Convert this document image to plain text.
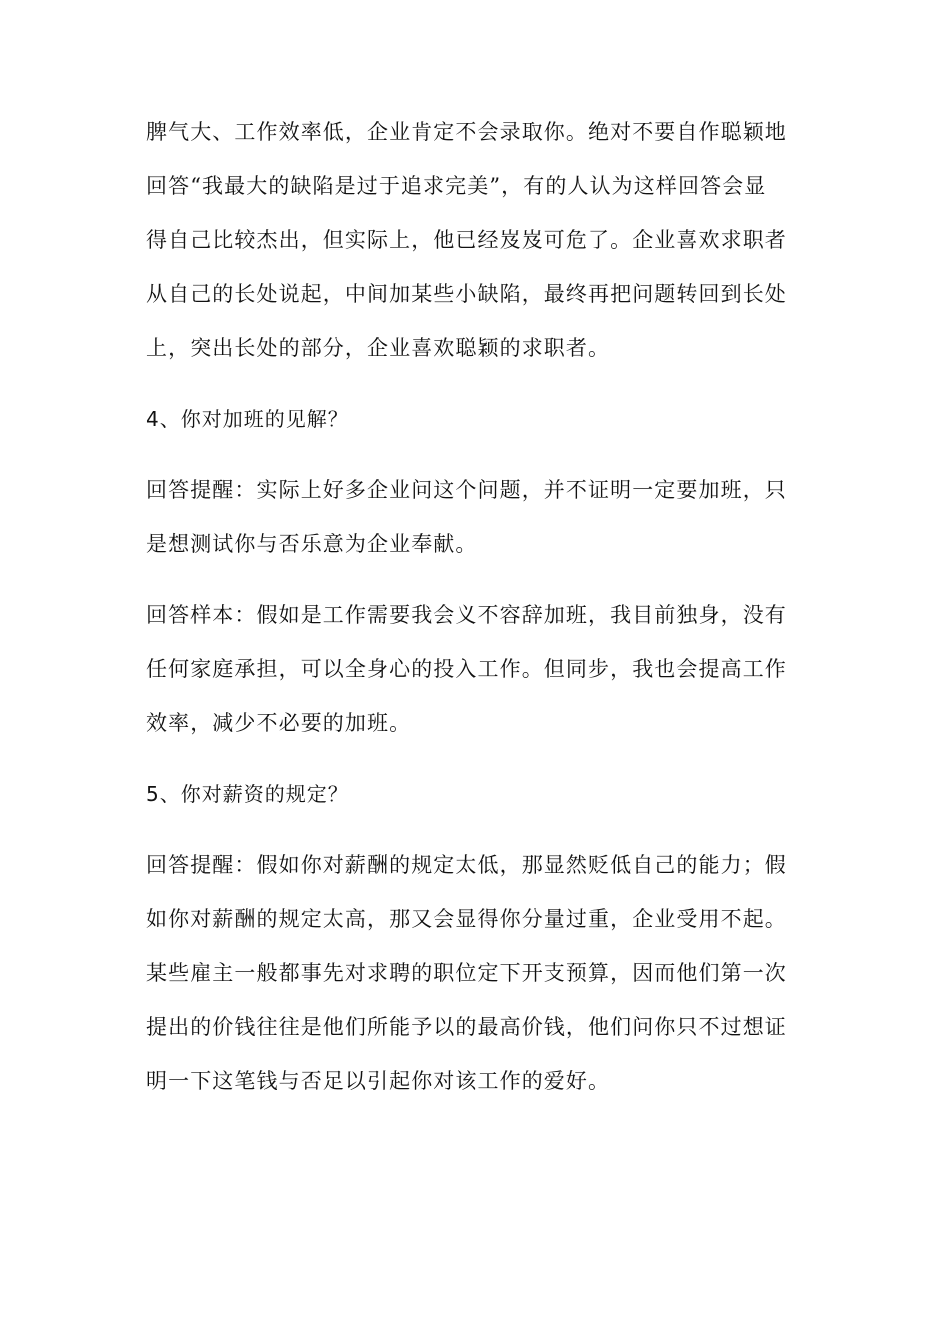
脾气大、工作效率低，企业肯定不会录取你。绝对不要自作聪颖地
回答“我最大的缺陷是过于追求完美”，有的人认为这样回答会显
得自己比较杰出，但实际上，他已经岌岌可危了。企业喜欢求职者
从自己的长处说起，中间加某些小缺陷，最终再把问题转回到长处
上，突出长处的部分，企业喜欢聪颖的求职者。

4、你对加班的见解？

回答提醒：实际上好多企业问这个问题，并不证明一定要加班，只
是想测试你与否乐意为企业奉献。

回答样本：假如是工作需要我会义不容辞加班，我目前独身，没有
任何家庭承担，可以全身心的投入工作。但同步，我也会提高工作
效率，减少不必要的加班。

5、你对薪资的规定？

回答提醒：假如你对薪酬的规定太低，那显然贬低自己的能力；假
如你对薪酬的规定太高，那又会显得你分量过重，企业受用不起。
某些雇主一般都事先对求聘的职位定下开支预算，因而他们第一次
提出的价钱往往是他们所能予以的最高价钱，他们问你只不过想证
明一下这笔钱与否足以引起你对该工作的爱好。
